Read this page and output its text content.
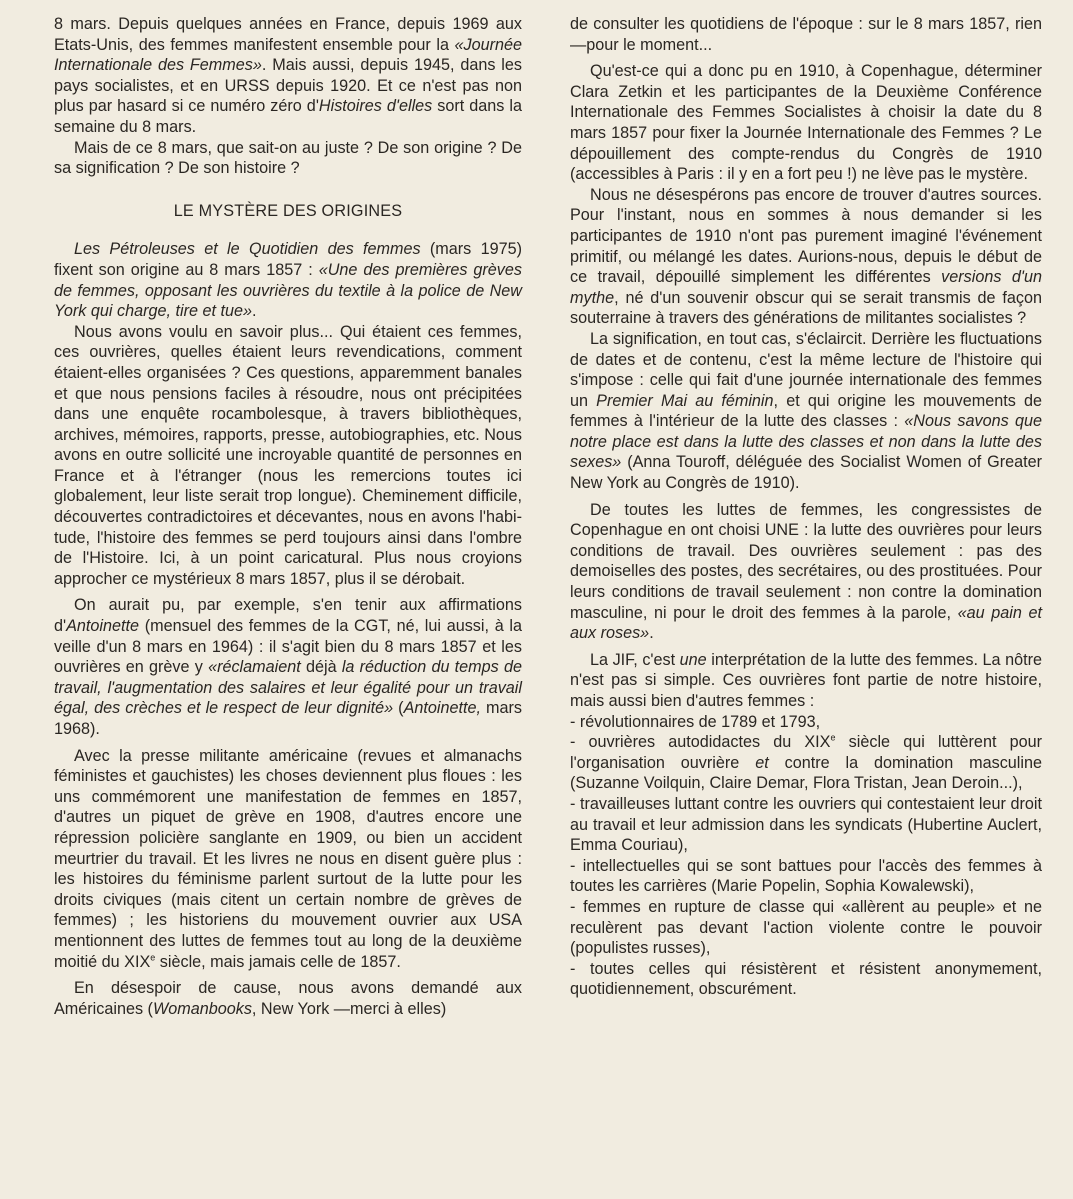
8 mars. Depuis quelques années en France, depuis 1969 aux Etats-Unis, des femmes manifestent ensemble pour la «Journée Internationale des Femmes». Mais aussi, depuis 1945, dans les pays socialistes, et en URSS depuis 1920. Et ce n'est pas non plus par hasard si ce numéro zéro d'Histoires d'elles sort dans la semaine du 8 mars.

Mais de ce 8 mars, que sait-on au juste ? De son origine ? De sa signification ? De son histoire ?

LE MYSTÈRE DES ORIGINES

Les Pétroleuses et le Quotidien des femmes (mars 1975) fixent son origine au 8 mars 1857 : «Une des premières grèves de femmes, opposant les ouvrières du textile à la police de New York qui charge, tire et tue».

Nous avons voulu en savoir plus... Qui étaient ces femmes, ces ouvrières, quelles étaient leurs revendications, comment étaient-elles organisées ? Ces questions, apparemment banales et que nous pensions faciles à résoudre, nous ont précipitées dans une enquête rocambolesque, à travers bibliothèques, archives, mémoires, rapports, presse, autobiographies, etc. Nous avons en outre sollicité une incroyable quantité de personnes en France et à l'étranger (nous les remercions toutes ici globalement, leur liste serait trop longue). Cheminement difficile, découvertes contradictoires et décevantes, nous en avons l'habitude, l'histoire des femmes se perd toujours ainsi dans l'ombre de l'Histoire. Ici, à un point caricatural. Plus nous croyions approcher ce mystérieux 8 mars 1857, plus il se dérobait.

On aurait pu, par exemple, s'en tenir aux affirmations d'Antoinette (mensuel des femmes de la CGT, né, lui aussi, à la veille d'un 8 mars en 1964) : il s'agit bien du 8 mars 1857 et les ouvrières en grève y «réclamaient déjà la réduction du temps de travail, l'augmentation des salaires et leur égalité pour un travail égal, des crèches et le respect de leur dignité» (Antoinette, mars 1968).

Avec la presse militante américaine (revues et almanachs féministes et gauchistes) les choses deviennent plus floues : les uns commémorent une manifestation de femmes en 1857, d'autres un piquet de grève en 1908, d'autres encore une répression policière sanglante en 1909, ou bien un accident meurtrier du travail. Et les livres ne nous en disent guère plus : les histoires du féminisme parlent surtout de la lutte pour les droits civiques (mais citent un certain nombre de grèves de femmes) ; les historiens du mouvement ouvrier aux USA mentionnent des luttes de femmes tout au long de la deuxième moitié du XIXe siècle, mais jamais celle de 1857.

En désespoir de cause, nous avons demandé aux Américaines (Womanbooks, New York —merci à elles)

de consulter les quotidiens de l'époque : sur le 8 mars 1857, rien —pour le moment...

Qu'est-ce qui a donc pu en 1910, à Copenhague, déterminer Clara Zetkin et les participantes de la Deuxième Conférence Internationale des Femmes Socialistes à choisir la date du 8 mars 1857 pour fixer la Journée Internationale des Femmes ? Le dépouillement des compte-rendus du Congrès de 1910 (accessibles à Paris : il y en a fort peu !) ne lève pas le mystère.

Nous ne désespérons pas encore de trouver d'autres sources. Pour l'instant, nous en sommes à nous demander si les participantes de 1910 n'ont pas purement imaginé l'événement primitif, ou mélangé les dates. Aurions-nous, depuis le début de ce travail, dépouillé simplement les différentes versions d'un mythe, né d'un souvenir obscur qui se serait transmis de façon souterraine à travers des générations de militantes socialistes ?

La signification, en tout cas, s'éclaircit. Derrière les fluctuations de dates et de contenu, c'est la même lecture de l'histoire qui s'impose : celle qui fait d'une journée internationale des femmes un Premier Mai au féminin, et qui origine les mouvements de femmes à l'intérieur de la lutte des classes : «Nous savons que notre place est dans la lutte des classes et non dans la lutte des sexes» (Anna Touroff, déléguée des Socialist Women of Greater New York au Congrès de 1910).

De toutes les luttes de femmes, les congressistes de Copenhague en ont choisi UNE : la lutte des ouvrières pour leurs conditions de travail. Des ouvrières seulement : pas des demoiselles des postes, des secrétaires, ou des prostituées. Pour leurs conditions de travail seulement : non contre la domination masculine, ni pour le droit des femmes à la parole, «au pain et aux roses».

La JIF, c'est une interprétation de la lutte des femmes. La nôtre n'est pas si simple. Ces ouvrières font partie de notre histoire, mais aussi bien d'autres femmes :

- révolutionnaires de 1789 et 1793,
- ouvrières autodidactes du XIXe siècle qui luttèrent pour l'organisation ouvrière et contre la domination masculine (Suzanne Voilquin, Claire Demar, Flora Tristan, Jean Deroin...),
- travailleuses luttant contre les ouvriers qui contestaient leur droit au travail et leur admission dans les syndicats (Hubertine Auclert, Emma Couriau),
- intellectuelles qui se sont battues pour l'accès des femmes à toutes les carrières (Marie Popelin, Sophia Kowalewski),
- femmes en rupture de classe qui «allèrent au peuple» et ne reculèrent pas devant l'action violente contre le pouvoir (populistes russes),
- toutes celles qui résistèrent et résistent anonymement, quotidiennement, obscurément.
